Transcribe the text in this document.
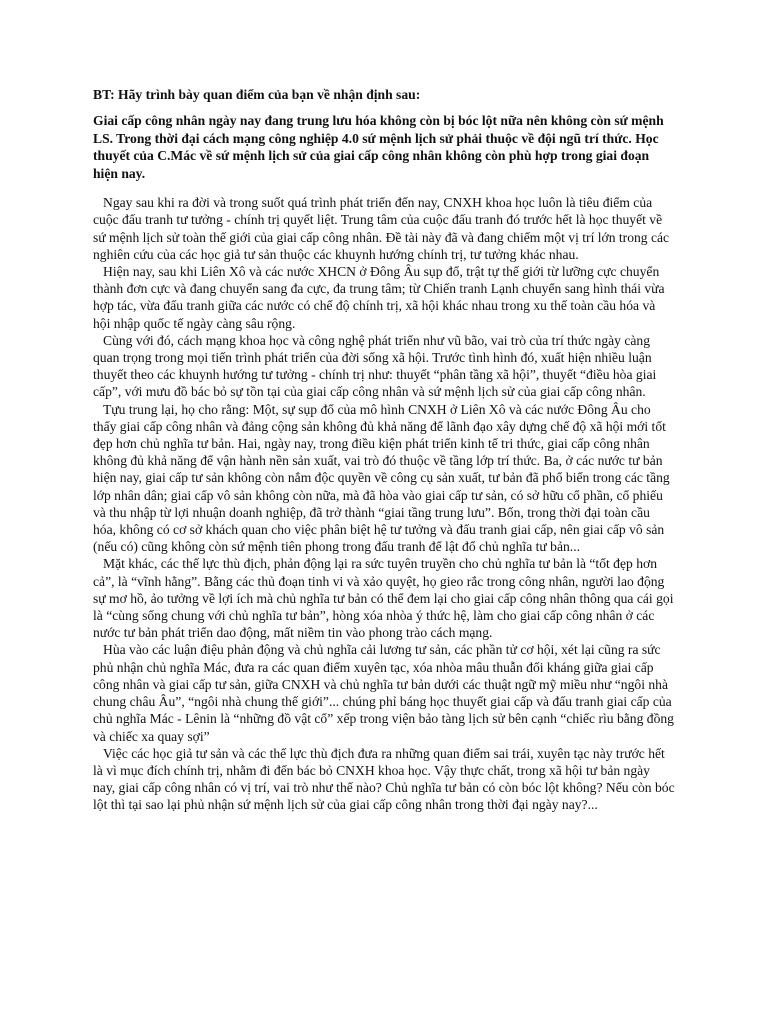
BT: Hãy trình bày quan điểm của bạn về nhận định sau:

Giai cấp công nhân ngày nay đang trung lưu hóa không còn bị bóc lột nữa nên không còn sứ mệnh LS. Trong thời đại cách mạng công nghiệp 4.0 sứ mệnh lịch sử phải thuộc về đội ngũ trí thức. Học thuyết của C.Mác về sứ mệnh lịch sử của giai cấp công nhân không còn phù hợp trong giai đoạn hiện nay.

Ngay sau khi ra đời và trong suốt quá trình phát triển đến nay, CNXH khoa học luôn là tiêu điểm của cuộc đấu tranh tư tưởng - chính trị quyết liệt. Trung tâm của cuộc đấu tranh đó trước hết là học thuyết về sứ mệnh lịch sử toàn thế giới của giai cấp công nhân. Đề tài này đã và đang chiếm một vị trí lớn trong các nghiên cứu của các học giả tư sản thuộc các khuynh hướng chính trị, tư tưởng khác nhau.

Hiện nay, sau khi Liên Xô và các nước XHCN ở Đông Âu sụp đổ, trật tự thế giới từ lưỡng cực chuyển thành đơn cực và đang chuyển sang đa cực, đa trung tâm; từ Chiến tranh Lạnh chuyển sang hình thái vừa hợp tác, vừa đấu tranh giữa các nước có chế độ chính trị, xã hội khác nhau trong xu thế toàn cầu hóa và hội nhập quốc tế ngày càng sâu rộng.

Cùng với đó, cách mạng khoa học và công nghệ phát triển như vũ bão, vai trò của trí thức ngày càng quan trọng trong mọi tiến trình phát triển của đời sống xã hội. Trước tình hình đó, xuất hiện nhiều luận thuyết theo các khuynh hướng tư tưởng - chính trị như: thuyết “phân tầng xã hội”, thuyết “điều hòa giai cấp”, với mưu đồ bác bỏ sự tồn tại của giai cấp công nhân và sứ mệnh lịch sử của giai cấp công nhân.

Tựu trung lại, họ cho rằng: Một, sự sụp đổ của mô hình CNXH ở Liên Xô và các nước Đông Âu cho thấy giai cấp công nhân và đảng cộng sản không đủ khả năng để lãnh đạo xây dựng chế độ xã hội mới tốt đẹp hơn chủ nghĩa tư bản. Hai, ngày nay, trong điều kiện phát triển kinh tế tri thức, giai cấp công nhân không đủ khả năng để vận hành nền sản xuất, vai trò đó thuộc về tầng lớp trí thức. Ba, ở các nước tư bản hiện nay, giai cấp tư sản không còn nắm độc quyền về công cụ sản xuất, tư bản đã phổ biến trong các tầng lớp nhân dân; giai cấp vô sản không còn nữa, mà đã hòa vào giai cấp tư sản, có sở hữu cổ phần, cổ phiếu và thu nhập từ lợi nhuận doanh nghiệp, đã trở thành “giai tầng trung lưu”. Bốn, trong thời đại toàn cầu hóa, không có cơ sở khách quan cho việc phân biệt hệ tư tưởng và đấu tranh giai cấp, nên giai cấp vô sản (nếu có) cũng không còn sứ mệnh tiên phong trong đấu tranh để lật đổ chủ nghĩa tư bản...

Mặt khác, các thế lực thù địch, phản động lại ra sức tuyên truyền cho chủ nghĩa tư bản là “tốt đẹp hơn cả”, là “vĩnh hằng”. Bằng các thủ đoạn tinh vi và xảo quyệt, họ gieo rắc trong công nhân, người lao động sự mơ hồ, ảo tưởng về lợi ích mà chủ nghĩa tư bản có thể đem lại cho giai cấp công nhân thông qua cái gọi là “cùng sống chung với chủ nghĩa tư bản”, hòng xóa nhòa ý thức hệ, làm cho giai cấp công nhân ở các nước tư bản phát triển dao động, mất niềm tin vào phong trào cách mạng.

Hùa vào các luận điệu phản động và chủ nghĩa cải lương tư sản, các phần tử cơ hội, xét lại cũng ra sức phủ nhận chủ nghĩa Mác, đưa ra các quan điểm xuyên tạc, xóa nhòa mâu thuẫn đối kháng giữa giai cấp công nhân và giai cấp tư sản, giữa CNXH và chủ nghĩa tư bản dưới các thuật ngữ mỹ miều như “ngôi nhà chung châu Âu”, “ngôi nhà chung thế giới”... chúng phỉ báng học thuyết giai cấp và đấu tranh giai cấp của chủ nghĩa Mác - Lênin là “những đồ vật cổ” xếp trong viện bảo tàng lịch sử bên cạnh “chiếc rìu bằng đồng và chiếc xa quay sợi”

Việc các học giả tư sản và các thế lực thù địch đưa ra những quan điểm sai trái, xuyên tạc này trước hết là vì mục đích chính trị, nhằm đi đến bác bỏ CNXH khoa học. Vậy thực chất, trong xã hội tư bản ngày nay, giai cấp công nhân có vị trí, vai trò như thế nào? Chủ nghĩa tư bản có còn bóc lột không? Nếu còn bóc lột thì tại sao lại phủ nhận sứ mệnh lịch sử của giai cấp công nhân trong thời đại ngày nay?...
